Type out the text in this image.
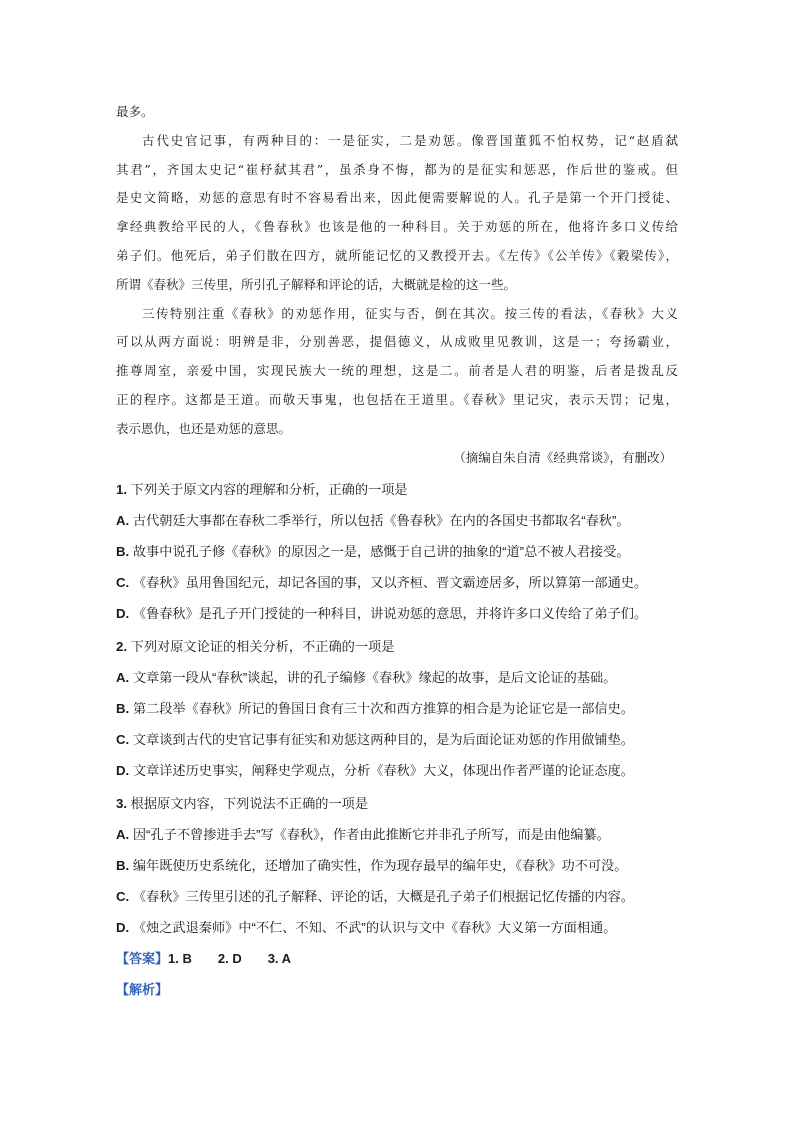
最多。
古代史官记事，有两种目的：一是征实，二是劝惩。像晋国董狐不怕权势，记“赵盾弑
其君”，齐国太史记“崔杼弑其君”，虽杀身不悔，都为的是征实和惩恶，作后世的鉴戒。但
是史文简略，劝惩的意思有时不容易看出来，因此便需要解说的人。孔子是第一个开门授徒、
拿经典教给平民的人，《鲁春秋》也该是他的一种科目。关于劝惩的所在，他将许多口义传给
弟子们。他死后，弟子们散在四方，就所能记忆的又教授开去。《左传》《公羊传》《穀梁传》，
所谓《春秋》三传里，所引孔子解释和评论的话，大概就是检的这一些。
三传特别注重《春秋》的劝惩作用，征实与否，倒在其次。按三传的看法，《春秋》大义
可以从两方面说：明辨是非，分别善恶，提倡德义，从成败里见教训，这是一；夸扬霸业，
推尊周室，亲爱中国，实现民族大一统的理想，这是二。前者是人君的明鉴，后者是拨乱反
正的程序。这都是王道。而敬天事鬼，也包括在王道里。《春秋》里记灾，表示天罚；记鬼，
表示恩仇，也还是劝惩的意思。
（摘编自朱自清《经典常谈》，有删改）
1. 下列关于原文内容的理解和分析，正确的一项是
A. 古代朝廷大事都在春秋二季举行，所以包括《鲁春秋》在内的各国史书都取名“春秋”。
B. 故事中说孔子修《春秋》的原因之一是，感慨于自己讲的抽象的“道”总不被人君接受。
C. 《春秋》虽用鲁国纪元，却记各国的事，又以齐桓、晋文霸迹居多，所以算第一部通史。
D. 《鲁春秋》是孔子开门授徒的一种科目，讲说劝惩的意思，并将许多口义传给了弟子们。
2. 下列对原文论证的相关分析，不正确的一项是
A. 文章第一段从“春秋”谈起，讲的孔子编修《春秋》缘起的故事，是后文论证的基础。
B. 第二段举《春秋》所记的鲁国日食有三十次和西方推算的相合是为论证它是一部信史。
C. 文章谈到古代的史官记事有征实和劝惩这两种目的，是为后面论证劝惩的作用做铺垫。
D. 文章详述历史事实，阐释史学观点，分析《春秋》大义，体现出作者严谨的论证态度。
3. 根据原文内容，下列说法不正确的一项是
A. 因“孔子不曾掺进手去”写《春秋》，作者由此推断它并非孔子所写，而是由他编纂。
B. 编年既使历史系统化，还增加了确实性，作为现存最早的编年史，《春秋》功不可没。
C. 《春秋》三传里引述的孔子解释、评论的话，大概是孔子弟子们根据记忆传播的内容。
D. 《烛之武退秦师》中“不仁、不知、不武”的认识与文中《春秋》大义第一方面相通。
【答案】1. B 2. D 3. A
【解析】
